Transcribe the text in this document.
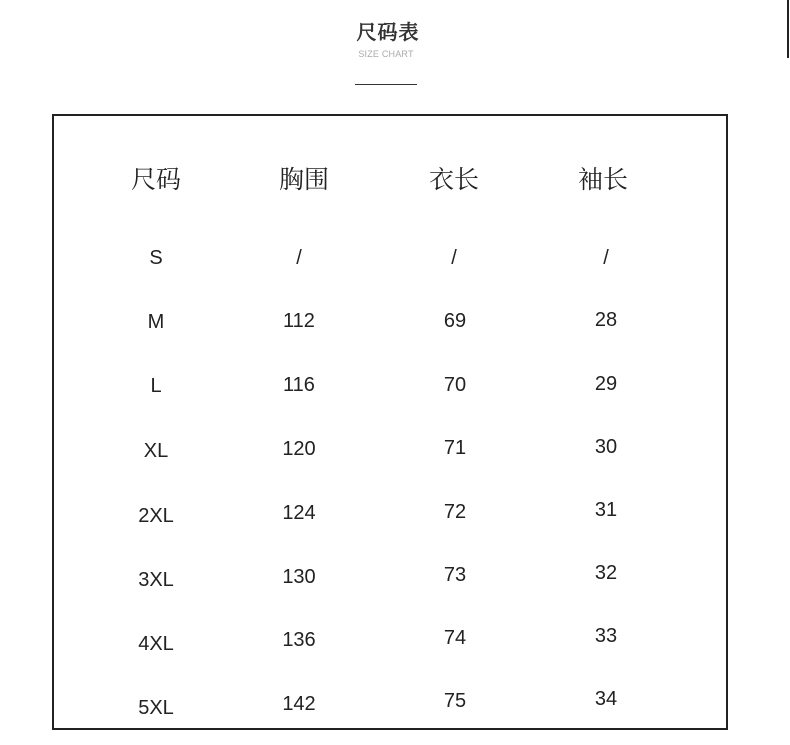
尺码表
SIZE CHART
尺码	胸围	衣长	袖长
S	/	/	/
M	112	69	28
L	116	70	29
XL	120	71	30
2XL	124	72	31
3XL	130	73	32
4XL	136	74	33
5XL	142	75	34
